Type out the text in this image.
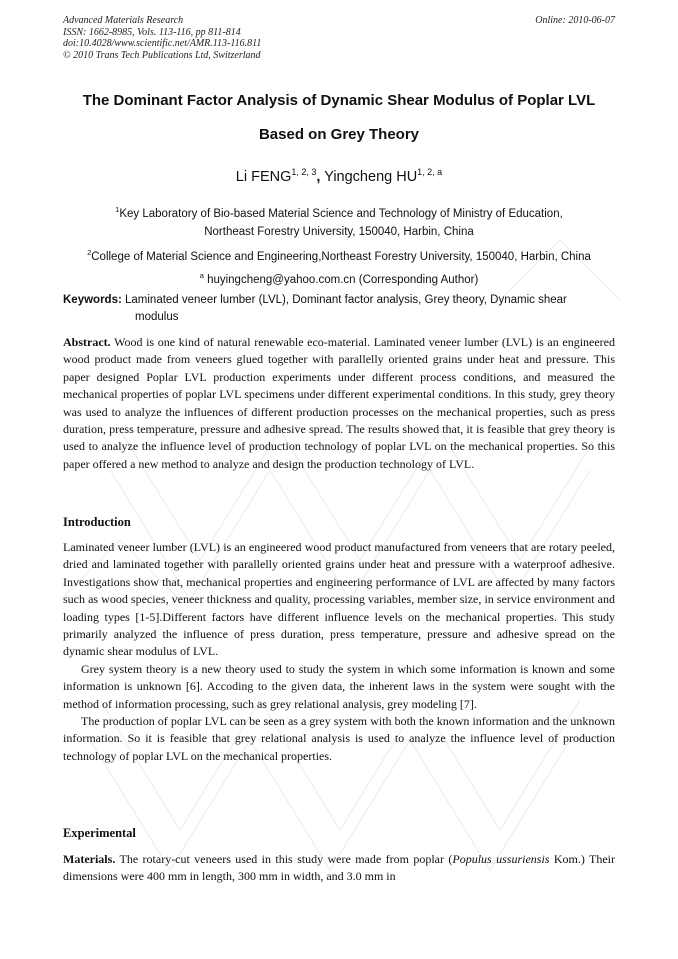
Advanced Materials Research
ISSN: 1662-8985, Vols. 113-116, pp 811-814
doi:10.4028/www.scientific.net/AMR.113-116.811
© 2010 Trans Tech Publications Ltd, Switzerland
Online: 2010-06-07
The Dominant Factor Analysis of Dynamic Shear Modulus of Poplar LVL
Based on Grey Theory
Li FENG$^{1, 2, 3}$, Yingcheng HU$^{1, 2, a}$
$^1$Key Laboratory of Bio-based Material Science and Technology of Ministry of Education,
Northeast Forestry University, 150040, Harbin, China
$^2$College of Material Science and Engineering,Northeast Forestry University, 150040, Harbin, China
$^a$ huyingcheng@yahoo.com.cn (Corresponding Author)
Keywords: Laminated veneer lumber (LVL), Dominant factor analysis, Grey theory, Dynamic shear
modulus

Abstract. Wood is one kind of natural renewable eco-material. Laminated veneer lumber (LVL) is an engineered wood product made from veneers glued together with parallelly oriented grains under heat and pressure. This paper designed Poplar LVL production experiments under different process conditions, and measured the mechanical properties of poplar LVL specimens under different experimental conditions. In this study, grey theory was used to analyze the influences of different production processes on the mechanical properties, such as press duration, press temperature, pressure and adhesive spread. The results showed that, it is feasible that grey theory is used to analyze the influence level of production technology of poplar LVL on the mechanical properties. So this paper offered a new method to analyze and design the production technology of LVL.

Introduction

Laminated veneer lumber (LVL) is an engineered wood product manufactured from veneers that are rotary peeled, dried and laminated together with parallelly oriented grains under heat and pressure with a waterproof adhesive. Investigations show that, mechanical properties and engineering performance of LVL are affected by many factors such as wood species, veneer thickness and quality, processing variables, member size, in service environment and loading types [1-5].Different factors have different influence levels on the mechanical properties. This study primarily analyzed the influence of press duration, press temperature, pressure and adhesive spread on the dynamic shear modulus of LVL.

Grey system theory is a new theory used to study the system in which some information is known and some information is unknown [6]. Accoding to the given data, the inherent laws in the system were sought with the method of information processing, such as grey relational analysis, grey modeling [7].

The production of poplar LVL can be seen as a grey system with both the known information and the unknown information. So it is feasible that grey relational analysis is used to analyze the influence level of production technology of poplar LVL on the mechanical properties.

Experimental

Materials. The rotary-cut veneers used in this study were made from poplar (Populus ussuriensis Kom.) Their dimensions were 400 mm in length, 300 mm in width, and 3.0 mm in
